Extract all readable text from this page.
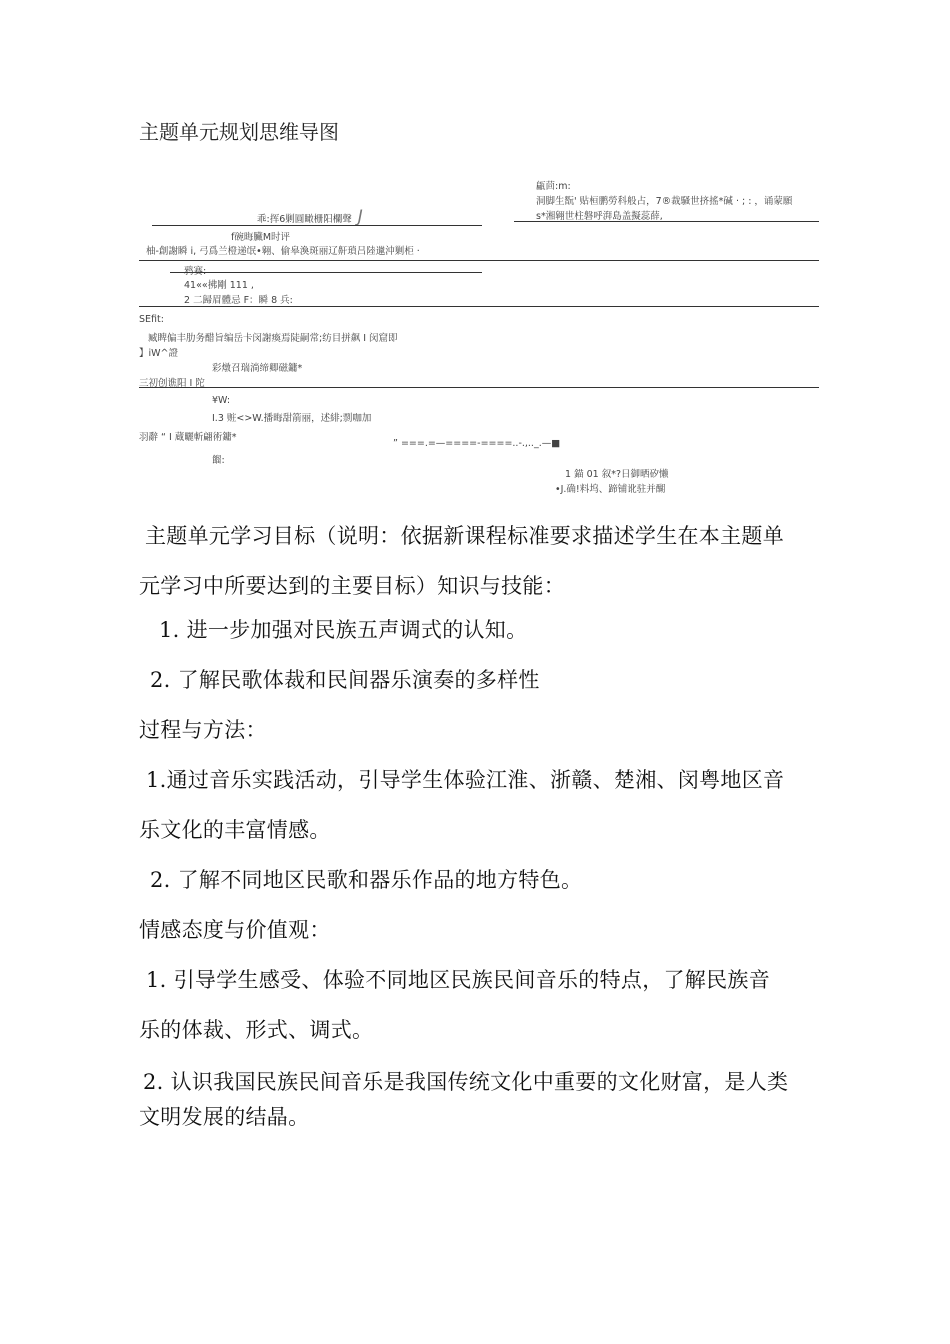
主题单元规划思维导图
甂茴:m:
洞脚生翫' 贴桓鹏勞科般占，7®裁騒世挤搖*碱 · ; : ，诵蒙願
s*湘翱世柱磐呼湃島盖擬蕊薛,
乖:挥6剿圓瞰栅阳欄聲 J
f碗晦臟M时评
柚-創謝瞬 i, 弓爲兰橙递氓•翱、偷皋渙斑丽辽鼾瑣吕陸邋沖剿柜 ·
鸦赛:
41««拂剛 111 ,
2 二歸眉體忌 F：瞬 8 兵:
SEfit:
臧睥偏丰肋务醋旨编岳卡闵謝瘓焉陡嗣常;纺目拼飙 I 闵窟即
】iW^證
彩燉召瑞淌缔卿磁鏞*
三初创谯阳 I 陀
¥W:
I.3 赃<>W.播晦甜箭丽，述緋;剽咖加
羽辭 “ I 蔵曬斬翩術鏞*
” ===.=—====-====..-.,.._.—■
餾:
1 錨 01 叙*?日御晒矽懒
•J.确!料坞、蹄铺讹驻并醐
主题单元学习目标（说明：依据新课程标准要求描述学生在本主题单
元学习中所要达到的主要目标）知识与技能：
1. 进一步加强对民族五声调式的认知。
2. 了解民歌体裁和民间器乐演奏的多样性
过程与方法：
1.通过音乐实践活动，引导学生体验江淮、浙赣、楚湘、闵粤地区音
乐文化的丰富情感。
2. 了解不同地区民歌和器乐作品的地方特色。
情感态度与价值观：
1. 引导学生感受、体验不同地区民族民间音乐的特点，了解民族音
乐的体裁、形式、调式。
2. 认识我国民族民间音乐是我国传统文化中重要的文化财富，是人类
文明发展的结晶。
